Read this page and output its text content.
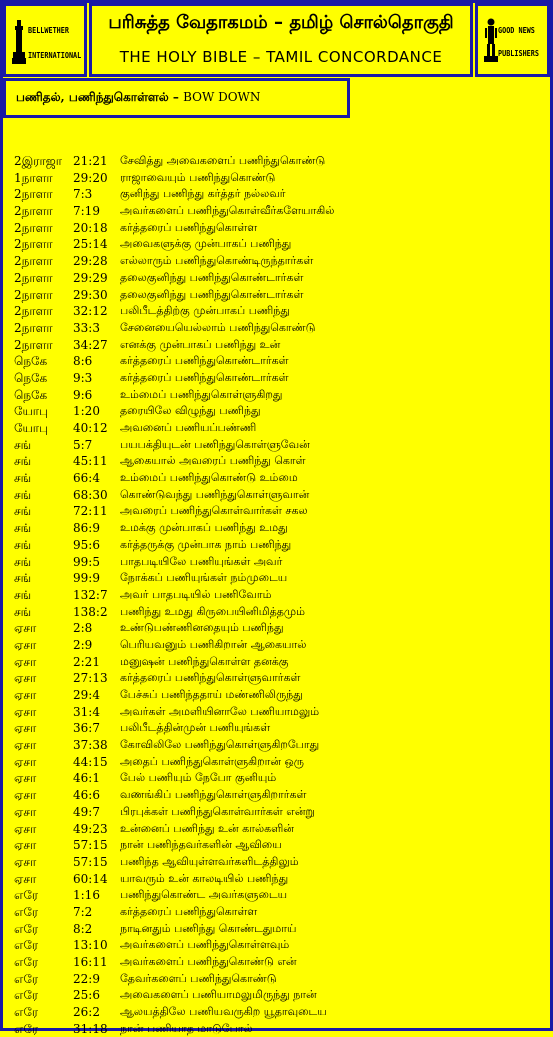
BELLWETHER
INTERNATIONAL
பரிசுத்த வேதாகமம் – தமிழ் சொல்தொகுதி
THE HOLY BIBLE – TAMIL CONCORDANCE
GOOD NEWS
PUBLISHERS
பணிதல், பணிந்துகொள்ளல் – BOW DOWN
2இராஜா 21:21 சேவித்து அவைகளைப் பணிந்துகொண்டு
1நாளா 29:20 ராஜாவையும் பணிந்துகொண்டு
2நாளா 7:3	குனிந்து பணிந்து கர்த்தர் நல்லவர்
2நாளா 7:19 அவர்களைப் பணிந்துகொள்வீர்களேயாகில்
2நாளா 20:18 கர்த்தரைப் பணிந்துகொள்ள
2நாளா 25:14 அவைகளுக்கு முன்பாகப் பணிந்து
2நாளா 29:28 எல்லாரும் பணிந்துகொண்டிருந்தார்கள்
2நாளா 29:29 தலைகுனிந்து பணிந்துகொண்டார்கள்
2நாளா 29:30 தலைகுனிந்து பணிந்துகொண்டார்கள்
2நாளா 32:12 பலிபீடத்திற்கு முன்பாகப் பணிந்து
2நாளா 33:3 சேனையையெல்லாம் பணிந்துகொண்டு
2நாளா 34:27 எனக்கு முன்பாகப் பணிந்து உன்
நெகே 8:6	கர்த்தரைப் பணிந்துகொண்டார்கள்
நெகே 9:3	கர்த்தரைப் பணிந்துகொண்டார்கள்
நெகே 9:6	உம்மைப் பணிந்துகொள்ளுகிறது
யோபு 1:20 தரையிலே விழுந்து பணிந்து
யோபு 40:12 அவனைப் பணியப்பண்ணி
சங்	5:7	பயபக்தியுடன் பணிந்துகொள்ளுவேன்
சங்	45:11 ஆகையால் அவரைப் பணிந்து கொள்
சங்	66:4 உம்மைப் பணிந்துகொண்டு உம்மை
சங்	68:30 கொண்டுவந்து பணிந்துகொள்ளுவான்
சங்	72:11 அவரைப் பணிந்துகொள்வார்கள் சகல
சங்	86:9 உமக்கு முன்பாகப் பணிந்து உமது
சங்	95:6 கர்த்தருக்கு முன்பாக நாம் பணிந்து
சங்	99:5 பாதபடியிலே பணியுங்கள் அவர்
சங்	99:9 நோக்கப் பணியுங்கள் நம்முடைய
சங்	132:7 அவர் பாதபடியில் பணிவோம்
சங்	138:2 பணிந்து உமது கிருபையினிமித்தமும்
ஏசா	2:8	உண்டுபண்ணினதையும் பணிந்து
ஏசா	2:9	பெரியவனும் பணிகிறான் ஆகையால்
ஏசா	2:21 மனுஷன் பணிந்துகொள்ள தனக்கு
ஏசா	27:13 கர்த்தரைப் பணிந்துகொள்ளுவார்கள்
ஏசா	29:4 பேச்சுப் பணிந்ததாய் மண்ணிலிருந்து
ஏசா	31:4 அவர்கள் அமளியினாலே பணியாமலும்
ஏசா	36:7 பலிபீடத்தின்முன் பணியுங்கள்
ஏசா	37:38 கோவிலிலே பணிந்துகொள்ளுகிறபோது
ஏசா	44:15 அதைப் பணிந்துகொள்ளுகிறான் ஒரு
ஏசா	46:1 பேல் பணியும் நேபோ குனியும்
ஏசா	46:6 வணங்கிப் பணிந்துகொள்ளுகிறார்கள்
ஏசா	49:7 பிரபுக்கள் பணிந்துகொள்வார்கள் என்று
ஏசா	49:23 உன்னைப் பணிந்து உன் கால்களின்
ஏசா	57:15 நான் பணிந்தவர்களின் ஆவியை
ஏசா	57:15 பணிந்த ஆவியுள்ளவர்களிடத்திலும்
ஏசா	60:14 யாவரும் உன் காலடியில் பணிந்து
எரே	1:16 பணிந்துகொண்ட அவர்களுடைய
எரே	7:2	கர்த்தரைப் பணிந்துகொள்ள
எரே	8:2	நாடினதும் பணிந்து கொண்டதுமாய்
எரே	13:10 அவர்களைப் பணிந்துகொள்ளவும்
எரே	16:11 அவர்களைப் பணிந்துகொண்டு என்
எரே	22:9 தேவர்களைப் பணிந்துகொண்டு
எரே	25:6 அவைகளைப் பணியாமலுமிருந்து நான்
எரே	26:2 ஆலயத்திலே பணியவருகிற யூதாவுடைய
எரே	31:18 நான் பணியாத மாடுபோல்
